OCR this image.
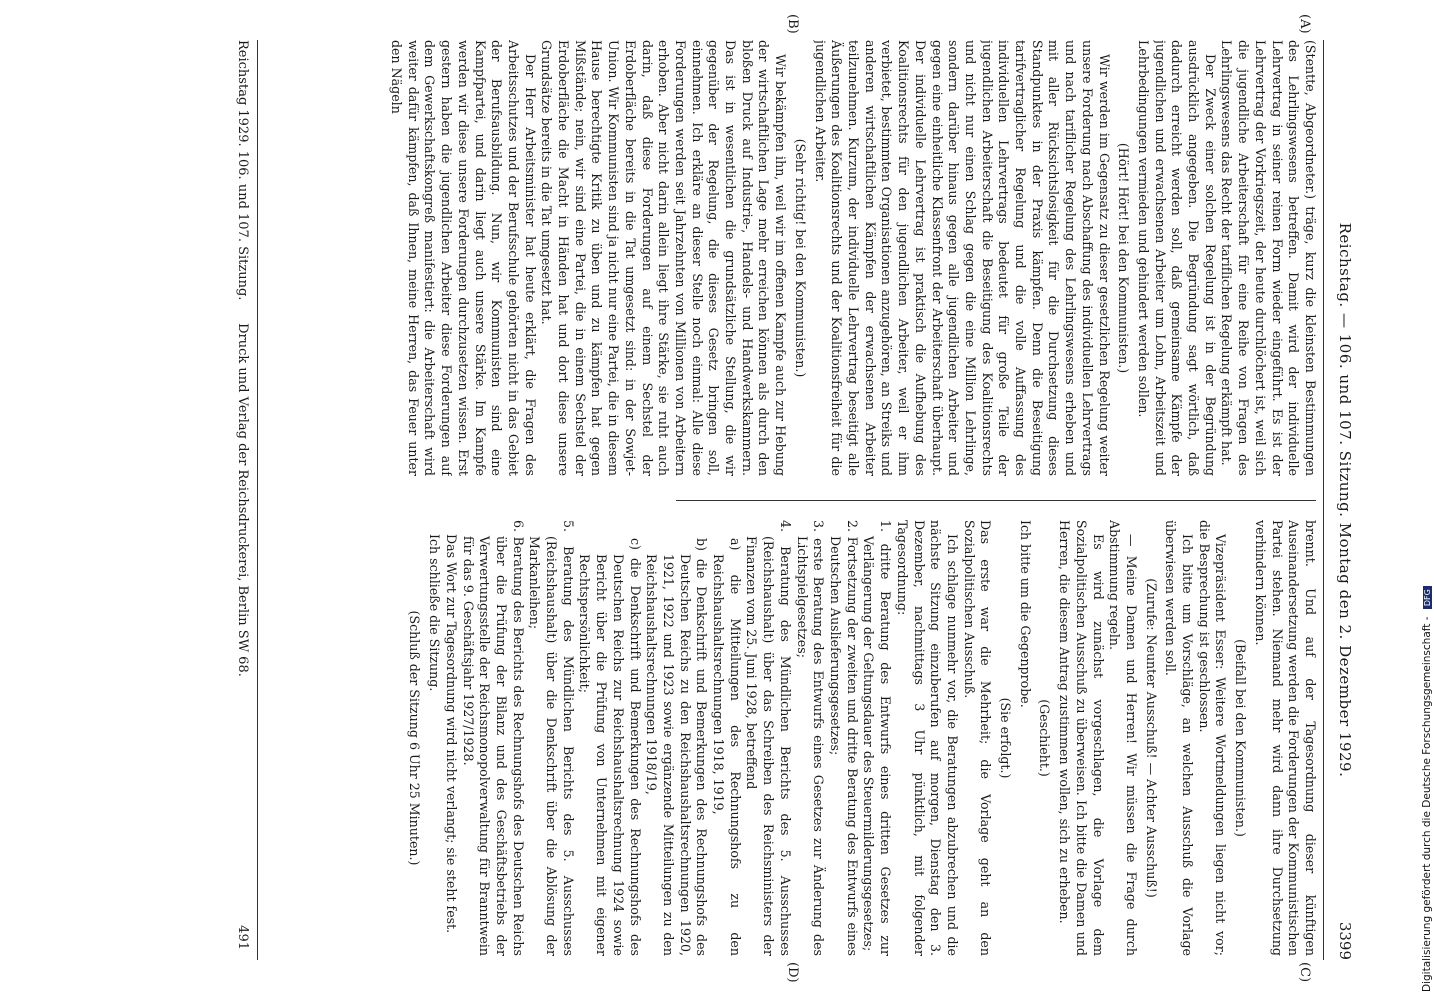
Reichstag. — 106. und 107. Sitzung. Montag den 2. Dezember 1929.
3399
(A)
(B)
(C)
(D)

(Stentte, Abgeordneter.) träge, kurz die kleinsten Bestimmungen des Lehrlingswesens betreffen. Damit wird der individuelle Lehrvertrag in seiner reinen Form wieder eingeführt. Es ist der Lehrvertrag der Vorkriegszeit, der heute durchlöchert ist, weil sich die jugendliche Arbeiterschaft für eine Reihe von Fragen des Lehrlingswesens das Recht der tariflichen Regelung erkämpft hat.

Der Zweck einer solchen Regelung ist in der Begründung ausdrücklich angegeben. Die Begründung sagt wörtlich, daß dadurch erreicht werden soll, daß gemeinsame Kämpfe der jugendlichen und erwachsenen Arbeiter um Lohn, Arbeitszeit und Lehrbedingungen vermieden und gehindert werden sollen.

(Hört! Hört! bei den Kommunisten.)

Wir werden im Gegensatz zu dieser gesetzlichen Regelung weiter unsere Forderung nach Abschaffung des individuellen Lehrvertrags und nach tariflicher Regelung des Lehrlingswesens erheben und mit aller Rücksichtslosigkeit für die Durchsetzung dieses Standpunktes in der Praxis kämpfen. Denn die Beseitigung tarifvertraglicher Regelung und die volle Auffassung des individuellen Lehrvertrags bedeutet für große Teile der jugendlichen Arbeiterschaft die Beseitigung des Koalitionsrechts und nicht nur einen Schlag gegen die eine Million Lehrlinge, sondern darüber hinaus gegen alle jugendlichen Arbeiter und gegen eine einheitliche Klassenfront der Arbeiterschaft überhaupt. Der individuelle Lehrvertrag ist praktisch die Aufhebung des Koalitionsrechts für den jugendlichen Arbeiter, weil er ihm verbietet, bestimmten Organisationen anzugehören, an Streiks und anderen wirtschaftlichen Kämpfen der erwachsenen Arbeiter teilzunehmen. Kurzum, der individuelle Lehrvertrag beseitigt alle Äußerungen des Koalitionsrechts und der Koalitionsfreiheit für die jugendlichen Arbeiter.

(Sehr richtig! bei den Kommunisten.)

Wir bekämpfen ihn, weil wir im offenen Kampfe auch zur Hebung der wirtschaftlichen Lage mehr erreichen können als durch den bloßen Druck auf Industrie-, Handels- und Handwerkskammern. Das ist in wesentlichen die grundsätzliche Stellung, die wir gegenüber der Regelung, die dieses Gesetz bringen soll, einnehmen. Ich erkläre an dieser Stelle noch einmal: Alle diese Forderungen werden seit Jahrzehnten von Millionen von Arbeitern erhoben. Aber nicht darin allein liegt ihre Stärke, sie ruht auch darin, daß diese Forderungen auf einem Sechstel der Erdoberfläche bereits in die Tat umgesetzt sind: in der Sowjet-Union. Wir Kommunisten sind ja nicht nur eine Partei, die in diesem Hause berechtigte Kritik zu üben und zu kämpfen hat gegen Mißstände; nein, wir sind eine Partei, die in einem Sechstel der Erdoberfläche die Macht in Händen hat und dort diese unsere Grundsätze bereits in die Tat umgesetzt hat.

Der Herr Arbeitsminister hat heute erklärt, die Fragen des Arbeitsschutzes und der Berufsschule gehörten nicht in das Gebiet der Berufsausbildung. Nun, wir Kommunisten sind eine Kampfpartei, und darin liegt auch unsere Stärke. Im Kampfe werden wir diese unsere Forderungen durchzusetzen wissen. Erst gestern haben die jugendlichen Arbeiter diese Forderungen auf dem Gewerkschaftskongreß manifestiert: die Arbeiterschaft wird weiter dafür kämpfen, daß Ihnen, meine Herren, das Feuer unter den Nägeln

brennt. Und auf der Tagesordnung dieser künftigen Auseinandersetzung werden die Forderungen der Kommunistischen Partei stehen. Niemand mehr wird dann ihre Durchsetzung verhindern können.

(Beifall bei den Kommunisten.)

Vizepräsident Esser: Weitere Wortmeldungen liegen nicht vor; die Besprechung ist geschlossen.

Ich bitte um Vorschläge, an welchen Ausschuß die Vorlage überwiesen werden soll.

(Zurufe: Neunter Ausschuß! — Achter Ausschuß!)

— Meine Damen und Herren! Wir müssen die Frage durch Abstimmung regeln.

Es wird zunächst vorgeschlagen, die Vorlage dem Sozialpolitischen Ausschuß zu überweisen. Ich bitte die Damen und Herren, die diesem Antrag zustimmen wollen, sich zu erheben.

(Geschieht.)

Ich bitte um die Gegenprobe.

(Sie erfolgt.)

Das erste war die Mehrheit; die Vorlage geht an den Sozialpolitischen Ausschuß.

Ich schlage nunmehr vor, die Beratungen abzubrechen und die nächste Sitzung einzuberufen auf morgen, Dienstag den 3. Dezember, nachmittags 3 Uhr pünktlich, mit folgender Tagesordnung:

1. dritte Beratung des Entwurfs eines dritten Gesetzes zur Verlängerung der Geltungsdauer des Steuermilderungsgesetzes;

2. Fortsetzung der zweiten und dritte Beratung des Entwurfs eines Deutschen Auslieferungsgesetzes;

3. erste Beratung des Entwurfs eines Gesetzes zur Änderung des Lichtspielgesetzes;

4. Beratung des Mündlichen Berichts des 5. Ausschusses (Reichshaushalt) über das Schreiben des Reichsministers der Finanzen vom 25. Juni 1928, betreffend

a) die Mitteilungen des Rechnungshofs zu den Reichshaushaltsrechnungen 1918, 1919,

b) die Denkschrift und Bemerkungen des Rechnungshofs des Deutschen Reichs zu den Reichshaushaltsrechnungen 1920, 1921, 1922 und 1923 sowie ergänzende Mitteilungen zu den Reichshaushaltsrechnungen 1918/19,

c) die Denkschrift und Bemerkungen des Rechnungshofs des Deutschen Reichs zur Reichshaushaltsrechnung 1924 sowie Bericht über die Prüfung von Unternehmen mit eigener Rechtspersönlichkeit;

5. Beratung des Mündlichen Berichts des 5. Ausschusses (Reichshaushalt) über die Denkschrift über die Ablösung der Markanleihen;

6. Beratung des Berichts des Rechnungshofs des Deutschen Reichs über die Prüfung der Bilanz und des Geschäftsbetriebs der Verwertungsstelle der Reichsmonopolverwaltung für Branntwein für das 9. Geschäftsjahr 1927/1928.

Das Wort zur Tagesordnung wird nicht verlangt; sie steht fest.

Ich schließe die Sitzung.

(Schluß der Sitzung 6 Uhr 25 Minuten.)

Reichstag 1929. 106. und 107. Sitzung.
Druck und Verlag der Reichsdruckerei, Berlin SW 68.
491	Digitalisierung gefördert durch die Deutsche Forschungsgemeinschaft - DFG
